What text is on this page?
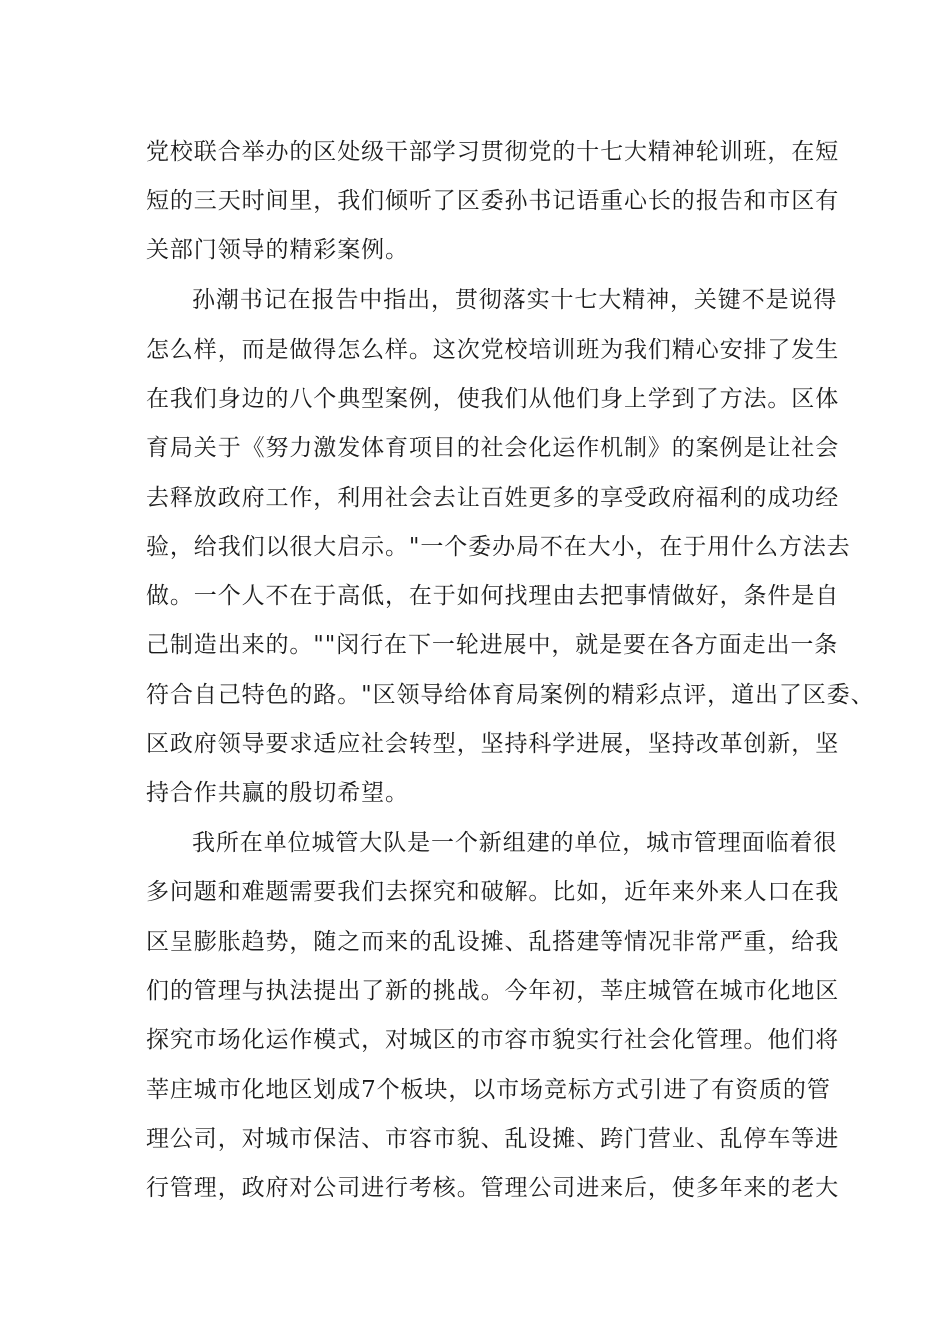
党校联合举办的区处级干部学习贯彻党的十七大精神轮训班，在短
短的三天时间里，我们倾听了区委孙书记语重心长的报告和市区有
关部门领导的精彩案例。
孙潮书记在报告中指出，贯彻落实十七大精神，关键不是说得
怎么样，而是做得怎么样。这次党校培训班为我们精心安排了发生
在我们身边的八个典型案例，使我们从他们身上学到了方法。区体
育局关于《努力激发体育项目的社会化运作机制》的案例是让社会
去释放政府工作，利用社会去让百姓更多的享受政府福利的成功经
验，给我们以很大启示。"一个委办局不在大小，在于用什么方法去
做。一个人不在于高低，在于如何找理由去把事情做好，条件是自
己制造出来的。""闵行在下一轮进展中，就是要在各方面走出一条
符合自己特色的路。"区领导给体育局案例的精彩点评，道出了区委、
区政府领导要求适应社会转型，坚持科学进展，坚持改革创新，坚
持合作共赢的殷切希望。
我所在单位城管大队是一个新组建的单位，城市管理面临着很
多问题和难题需要我们去探究和破解。比如，近年来外来人口在我
区呈膨胀趋势，随之而来的乱设摊、乱搭建等情况非常严重，给我
们的管理与执法提出了新的挑战。今年初，莘庄城管在城市化地区
探究市场化运作模式，对城区的市容市貌实行社会化管理。他们将
莘庄城市化地区划成7个板块，以市场竞标方式引进了有资质的管
理公司，对城市保洁、市容市貌、乱设摊、跨门营业、乱停车等进
行管理，政府对公司进行考核。管理公司进来后，使多年来的老大
